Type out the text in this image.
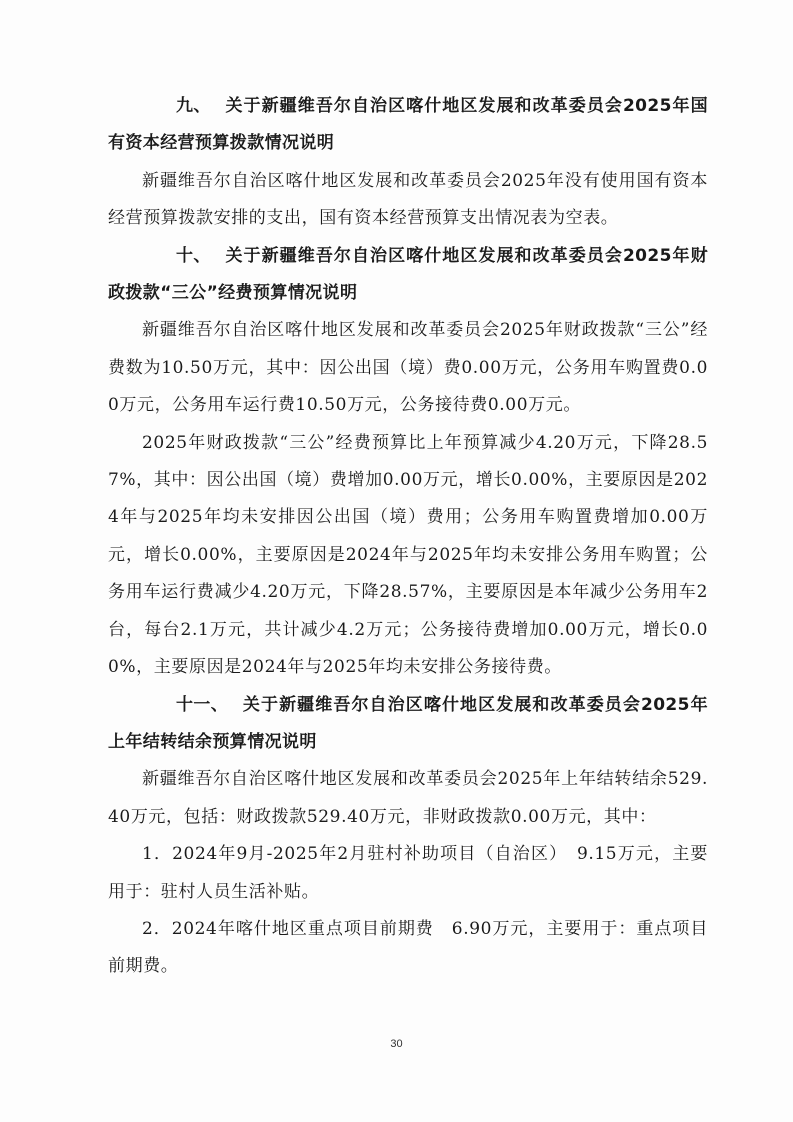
九、 关于新疆维吾尔自治区喀什地区发展和改革委员会2025年国有资本经营预算拨款情况说明

新疆维吾尔自治区喀什地区发展和改革委员会2025年没有使用国有资本经营预算拨款安排的支出，国有资本经营预算支出情况表为空表。

十、 关于新疆维吾尔自治区喀什地区发展和改革委员会2025年财政拨款“三公”经费预算情况说明

新疆维吾尔自治区喀什地区发展和改革委员会2025年财政拨款“三公”经费数为10.50万元，其中：因公出国（境）费0.00万元，公务用车购置费0.00万元，公务用车运行费10.50万元，公务接待费0.00万元。

2025年财政拨款“三公”经费预算比上年预算减少4.20万元，下降28.57%，其中：因公出国（境）费增加0.00万元，增长0.00%，主要原因是2024年与2025年均未安排因公出国（境）费用；公务用车购置费增加0.00万元，增长0.00%，主要原因是2024年与2025年均未安排公务用车购置；公务用车运行费减少4.20万元，下降28.57%，主要原因是本年减少公务用车2台，每台2.1万元，共计减少4.2万元；公务接待费增加0.00万元，增长0.00%，主要原因是2024年与2025年均未安排公务接待费。

十一、 关于新疆维吾尔自治区喀什地区发展和改革委员会2025年上年结转结余预算情况说明

新疆维吾尔自治区喀什地区发展和改革委员会2025年上年结转结余529.40万元，包括：财政拨款529.40万元，非财政拨款0.00万元，其中：

1．2024年9月-2025年2月驻村补助项目（自治区）　9.15万元，主要用于：驻村人员生活补贴。

2．2024年喀什地区重点项目前期费　6.90万元，主要用于：重点项目前期费。

30
